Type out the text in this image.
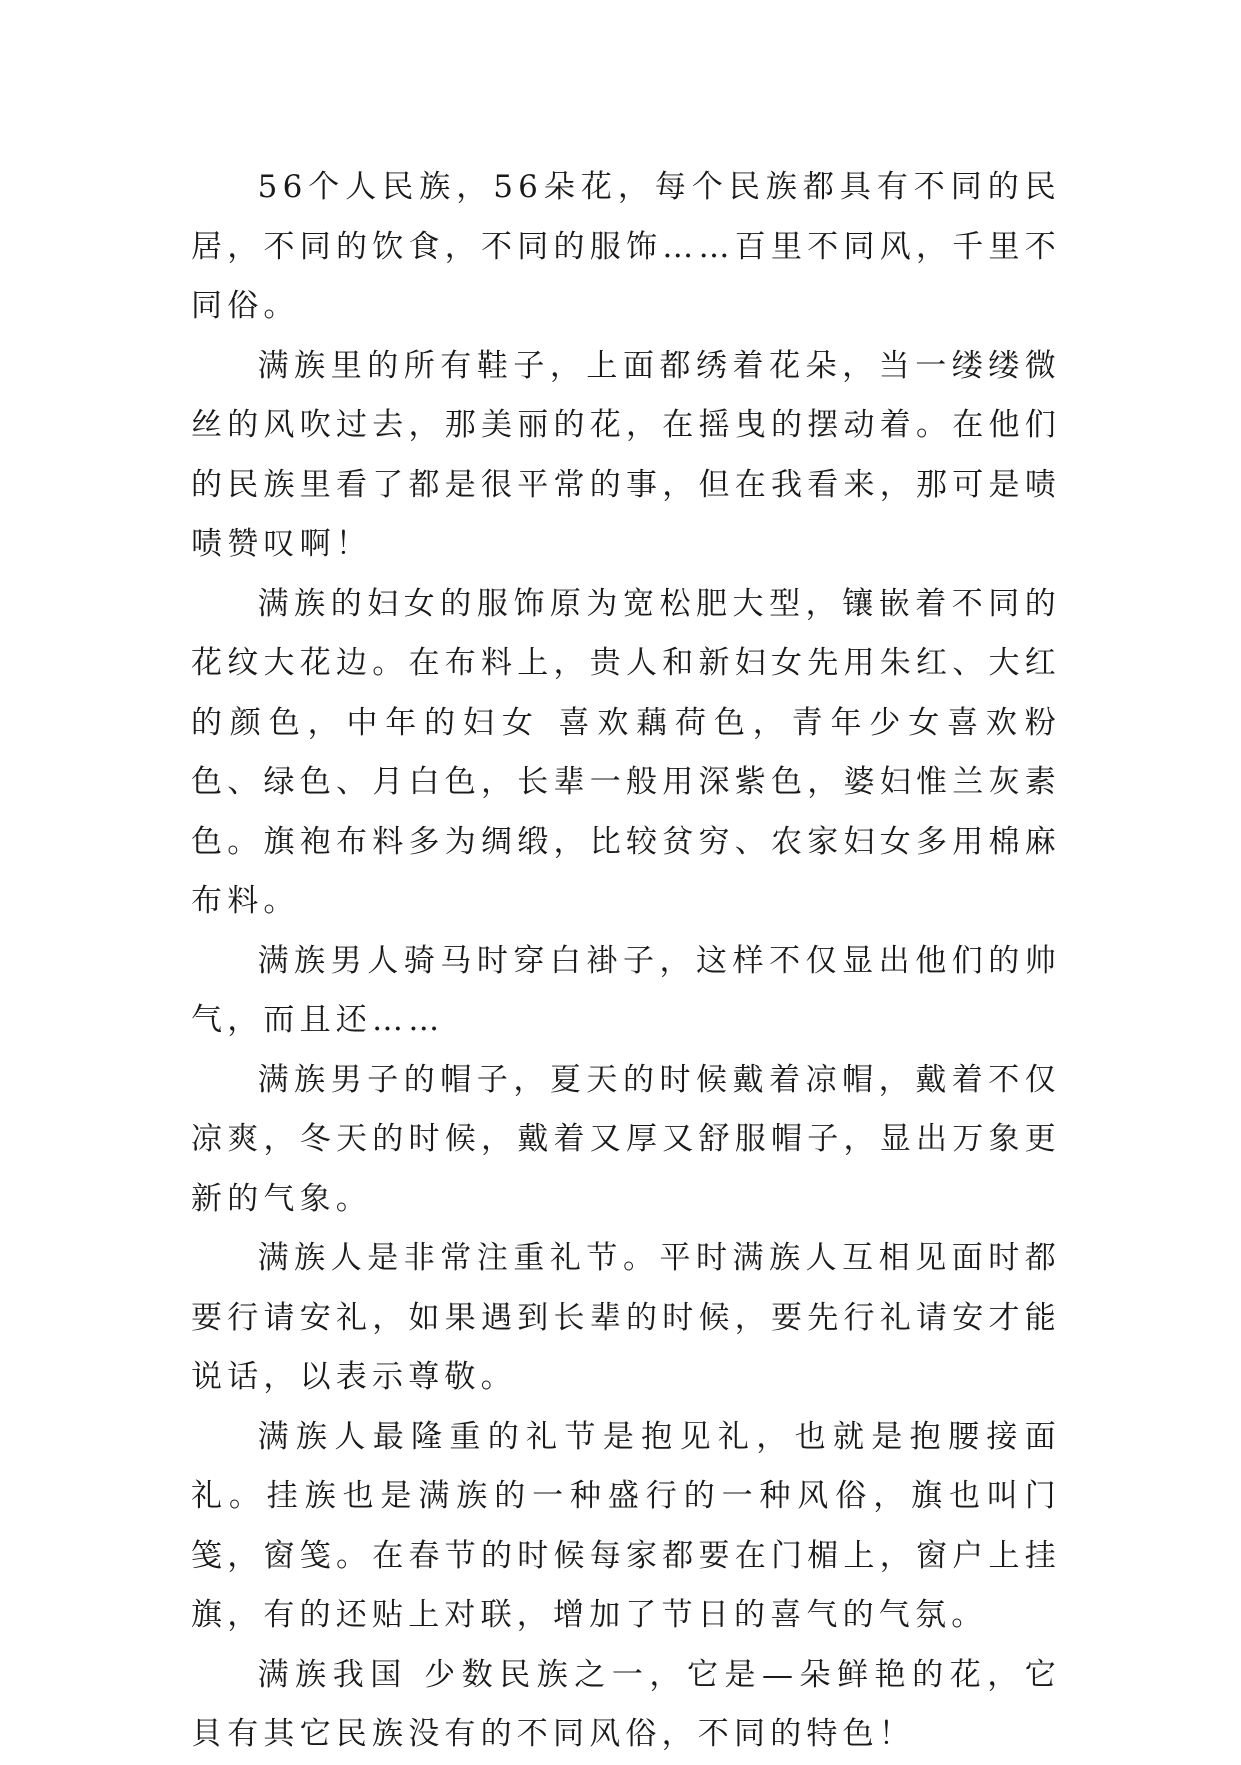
56个人民族，56朵花，每个民族都具有不同的民居，不同的饮食，不同的服饰……百里不同风，千里不同俗。

满族里的所有鞋子，上面都绣着花朵，当一缕缕微丝的风吹过去，那美丽的花，在摇曳的摆动着。在他们的民族里看了都是很平常的事，但在我看来，那可是啧啧赞叹啊！

满族的妇女的服饰原为宽松肥大型，镶嵌着不同的花纹大花边。在布料上，贵人和新妇女先用朱红、大红的颜色，中年的妇女 喜欢藕荷色，青年少女喜欢粉色、绿色、月白色，长辈一般用深紫色，婆妇惟兰灰素色。旗袍布料多为绸缎，比较贫穷、农家妇女多用棉麻布料。

满族男人骑马时穿白褂子，这样不仅显出他们的帅气，而且还……

满族男子的帽子，夏天的时候戴着凉帽，戴着不仅凉爽，冬天的时候，戴着又厚又舒服帽子，显出万象更新的气象。

满族人是非常注重礼节。平时满族人互相见面时都要行请安礼，如果遇到长辈的时候，要先行礼请安才能说话，以表示尊敬。

满族人最隆重的礼节是抱见礼，也就是抱腰接面礼。挂族也是满族的一种盛行的一种风俗，旗也叫门笺，窗笺。在春节的时候每家都要在门楣上，窗户上挂旗，有的还贴上对联，增加了节日的喜气的气氛。

满族我国 少数民族之一，它是—朵鲜艳的花，它貝有其它民族没有的不同风俗，不同的特色！
